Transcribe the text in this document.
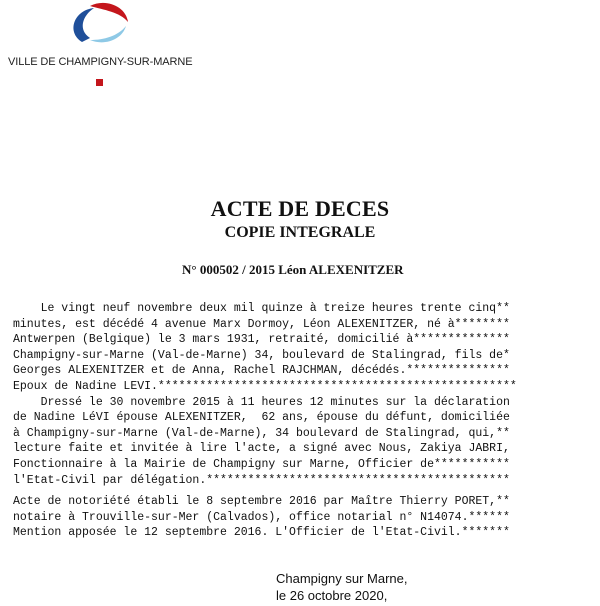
VILLE DE CHAMPIGNY-SUR-MARNE
ACTE DE DECES
COPIE INTEGRALE
N° 000502 / 2015 Léon ALEXENITZER
Le vingt neuf novembre deux mil quinze à treize heures trente cinq**
minutes, est décédé 4 avenue Marx Dormoy, Léon ALEXENITZER, né à********
Antwerpen (Belgique) le 3 mars 1931, retraité, domicilié à**************
Champigny-sur-Marne (Val-de-Marne) 34, boulevard de Stalingrad, fils de*
Georges ALEXENITZER et de Anna, Rachel RAJCHMAN, décédés.***************
Epoux de Nadine LEVI.****************************************************
Dressé le 30 novembre 2015 à 11 heures 12 minutes sur la déclaration
de Nadine LéVI épouse ALEXENITZER,  62 ans, épouse du défunt, domiciliée
à Champigny-sur-Marne (Val-de-Marne), 34 boulevard de Stalingrad, qui,**
lecture faite et invitée à lire l'acte, a signé avec Nous, Zakiya JABRI,
Fonctionnaire à la Mairie de Champigny sur Marne, Officier de***********
l'Etat-Civil par délégation.********************************************
Acte de notoriété établi le 8 septembre 2016 par Maître Thierry PORET,**
notaire à Trouville-sur-Mer (Calvados), office notarial n° N14074.******
Mention apposée le 12 septembre 2016. L'Officier de l'Etat-Civil.*******
Champigny sur Marne,
le 26 octobre 2020,
